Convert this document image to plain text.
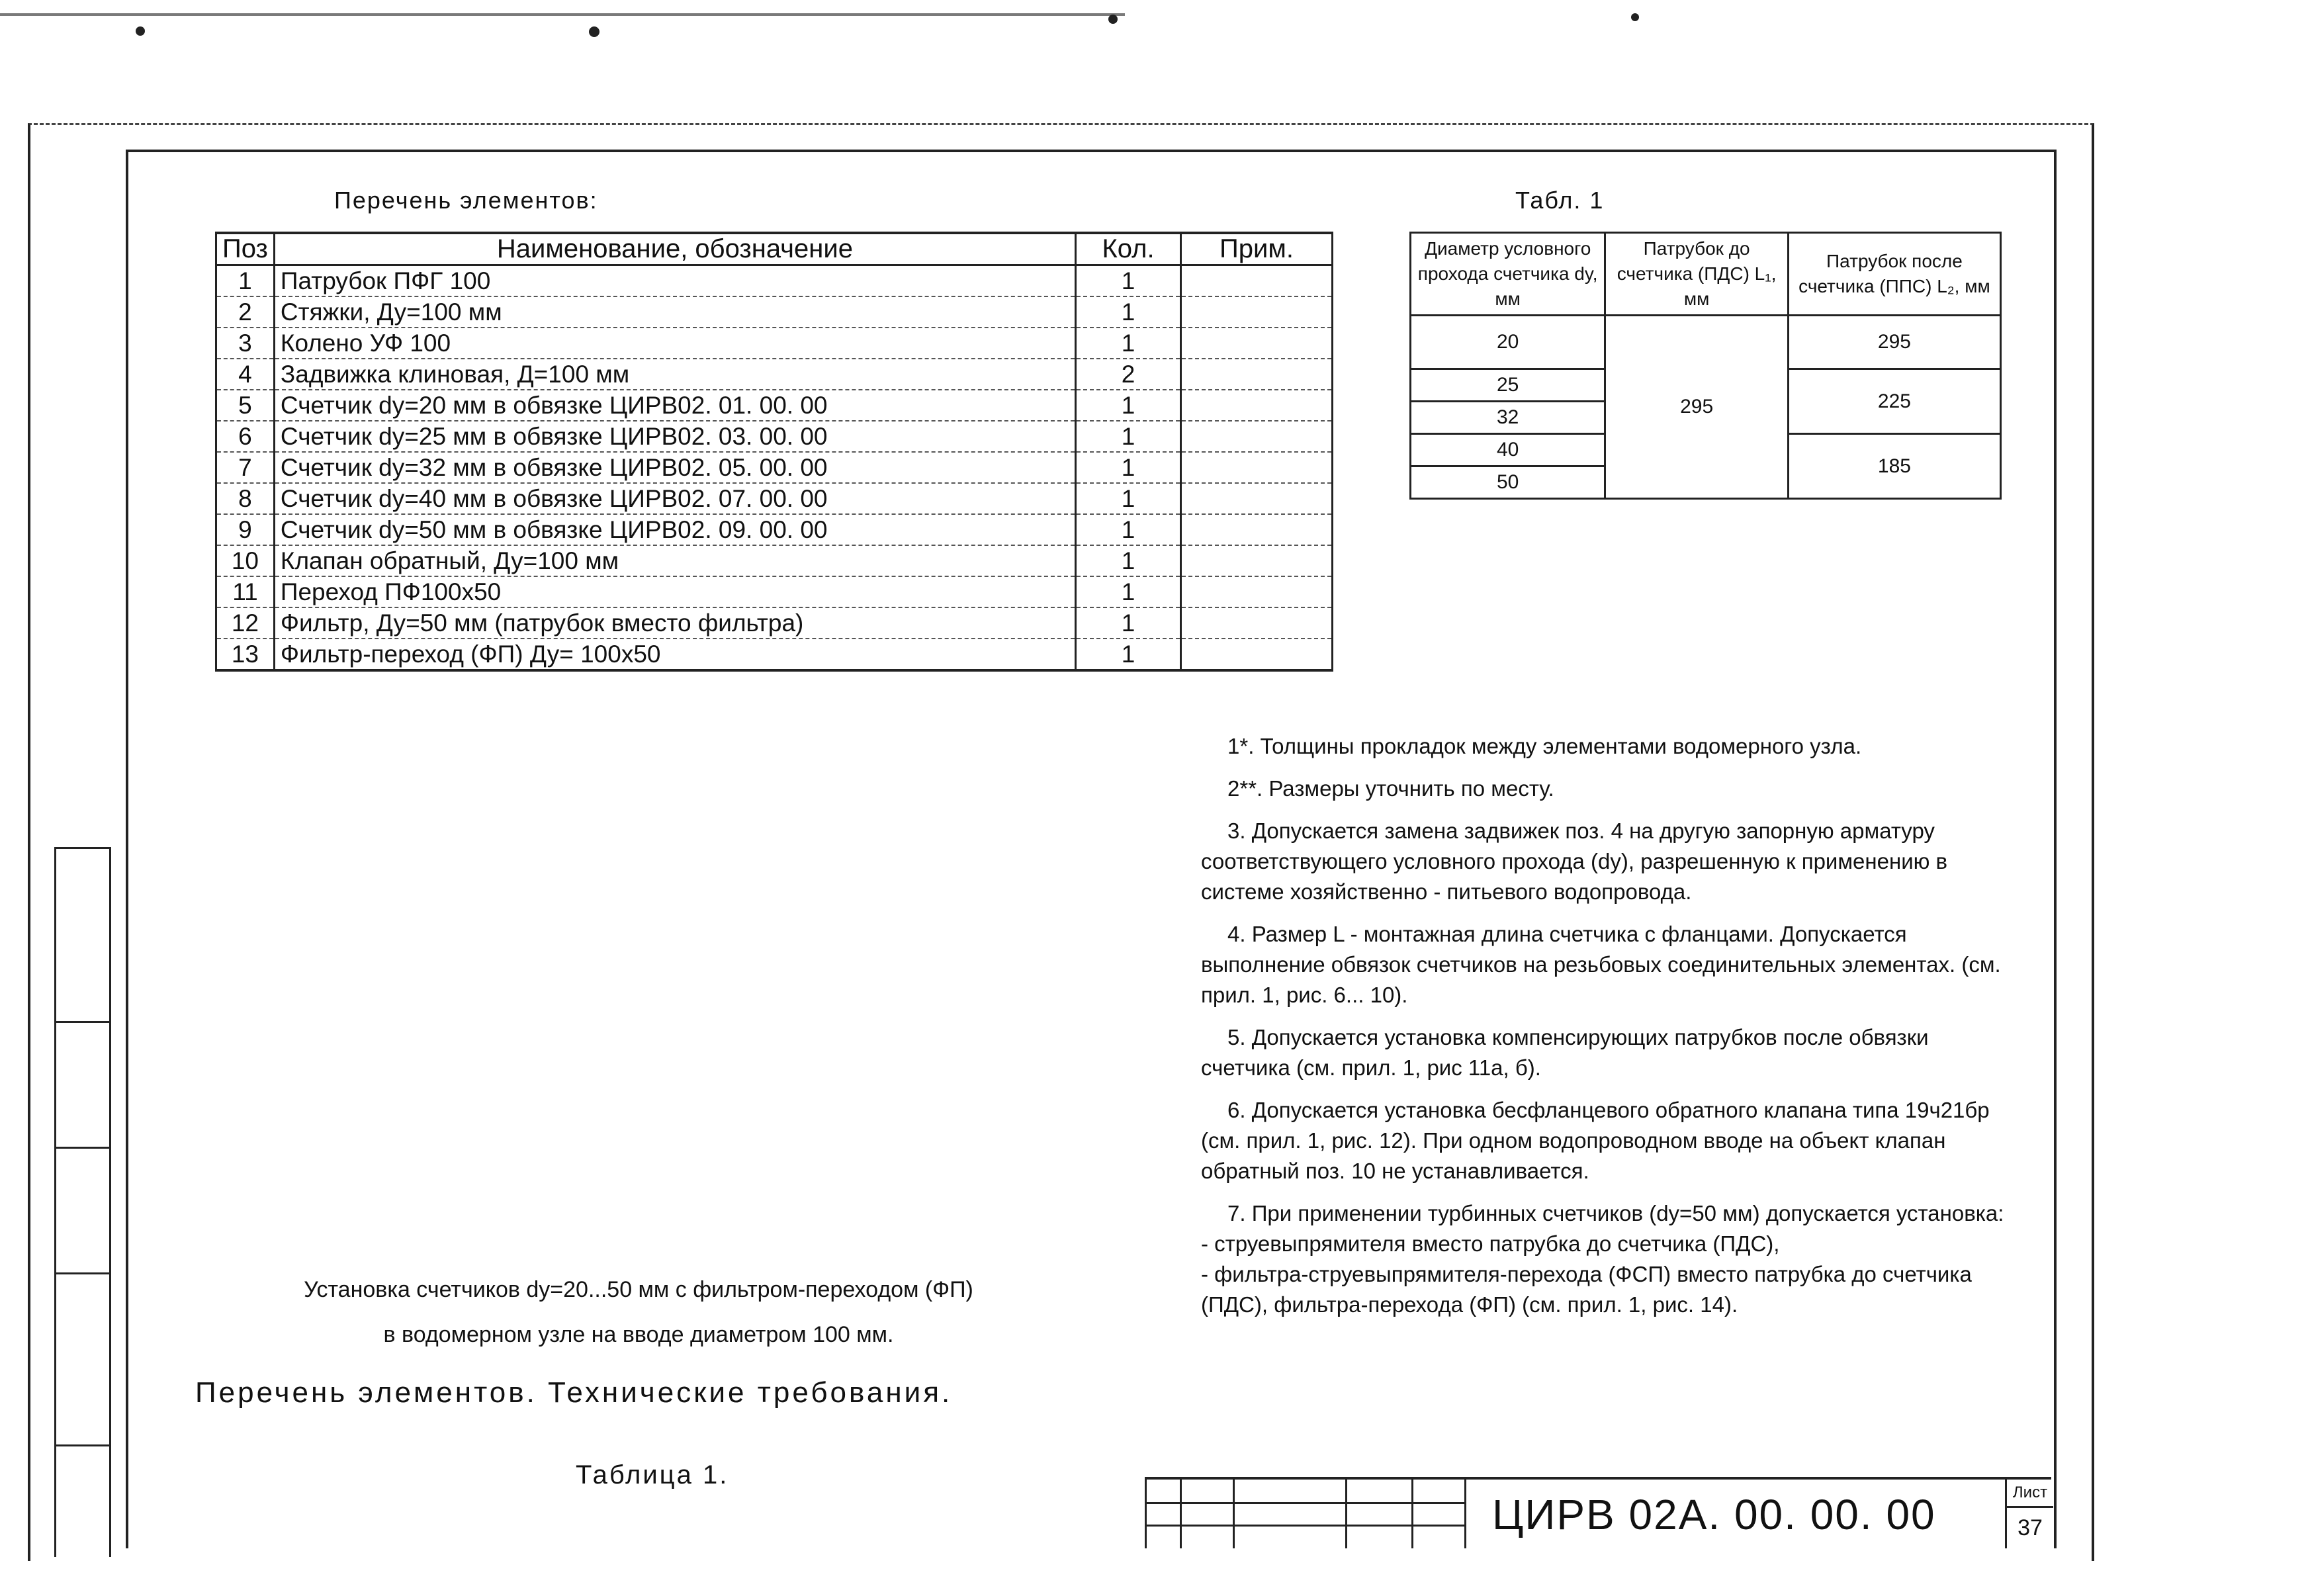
Перечень элементов:	Табл. 1
Поз	Наименование, обозначение	Кол.	Прим.
1	Патрубок ПФГ 100	1	
2	Стяжки, Ду=100 мм	1	
3	Колено УФ 100	1	
4	Задвижка клиновая, Д=100 мм	2	
5	Счетчик dy=20 мм в обвязке ЦИРВ02. 01. 00. 00	1	
6	Счетчик dy=25 мм в обвязке ЦИРВ02. 03. 00. 00	1	
7	Счетчик dy=32 мм в обвязке ЦИРВ02. 05. 00. 00	1	
8	Счетчик dy=40 мм в обвязке ЦИРВ02. 07. 00. 00	1	
9	Счетчик dy=50 мм в обвязке ЦИРВ02. 09. 00. 00	1	
10	Клапан обратный, Ду=100 мм	1	
11	Переход ПФ100х50	1	
12	Фильтр, Ду=50 мм (патрубок вместо фильтра)	1	
13	Фильтр-переход (ФП) Ду= 100х50	1	
Диаметр условного прохода счетчика dy, мм	Патрубок до счетчика (ПДС) L₁, мм	Патрубок после счетчика (ППС) L₂, мм
20	295	295
25		225
32		
40		185
50		

1*. Толщины прокладок между элементами водомерного узла.

2**. Размеры уточнить по месту.

3. Допускается замена задвижек поз. 4 на другую запорную арматуру соответствующего условного прохода (dy), разрешенную к применению в системе хозяйственно - питьевого водопровода.

4. Размер L - монтажная длина счетчика с фланцами. Допускается выполнение обвязок счетчиков на резьбовых соединительных элементах. (см. прил. 1, рис. 6... 10).

5. Допускается установка компенсирующих патрубков после обвязки счетчика (см. прил. 1, рис 11а, б).

6. Допускается установка бесфланцевого обратного клапана типа 19ч21бр (см. прил. 1, рис. 12). При одном водопроводном вводе на объект клапан обратный поз. 10 не устанавливается.

7. При применении турбинных счетчиков (dy=50 мм) допускается установка:

- струевыпрямителя вместо патрубка до счетчика (ПДС),

- фильтра-струевыпрямителя-перехода (ФСП) вместо патрубка до счетчика (ПДС), фильтра-перехода (ФП) (см. прил. 1, рис. 14).

Установка счетчиков dy=20...50 мм с фильтром-переходом (ФП)
в водомерном узле на вводе диаметром 100 мм.
Перечень элементов. Технические требования.
Таблица 1.
ЦИРВ 02А. 00. 00. 00	Лист
37
